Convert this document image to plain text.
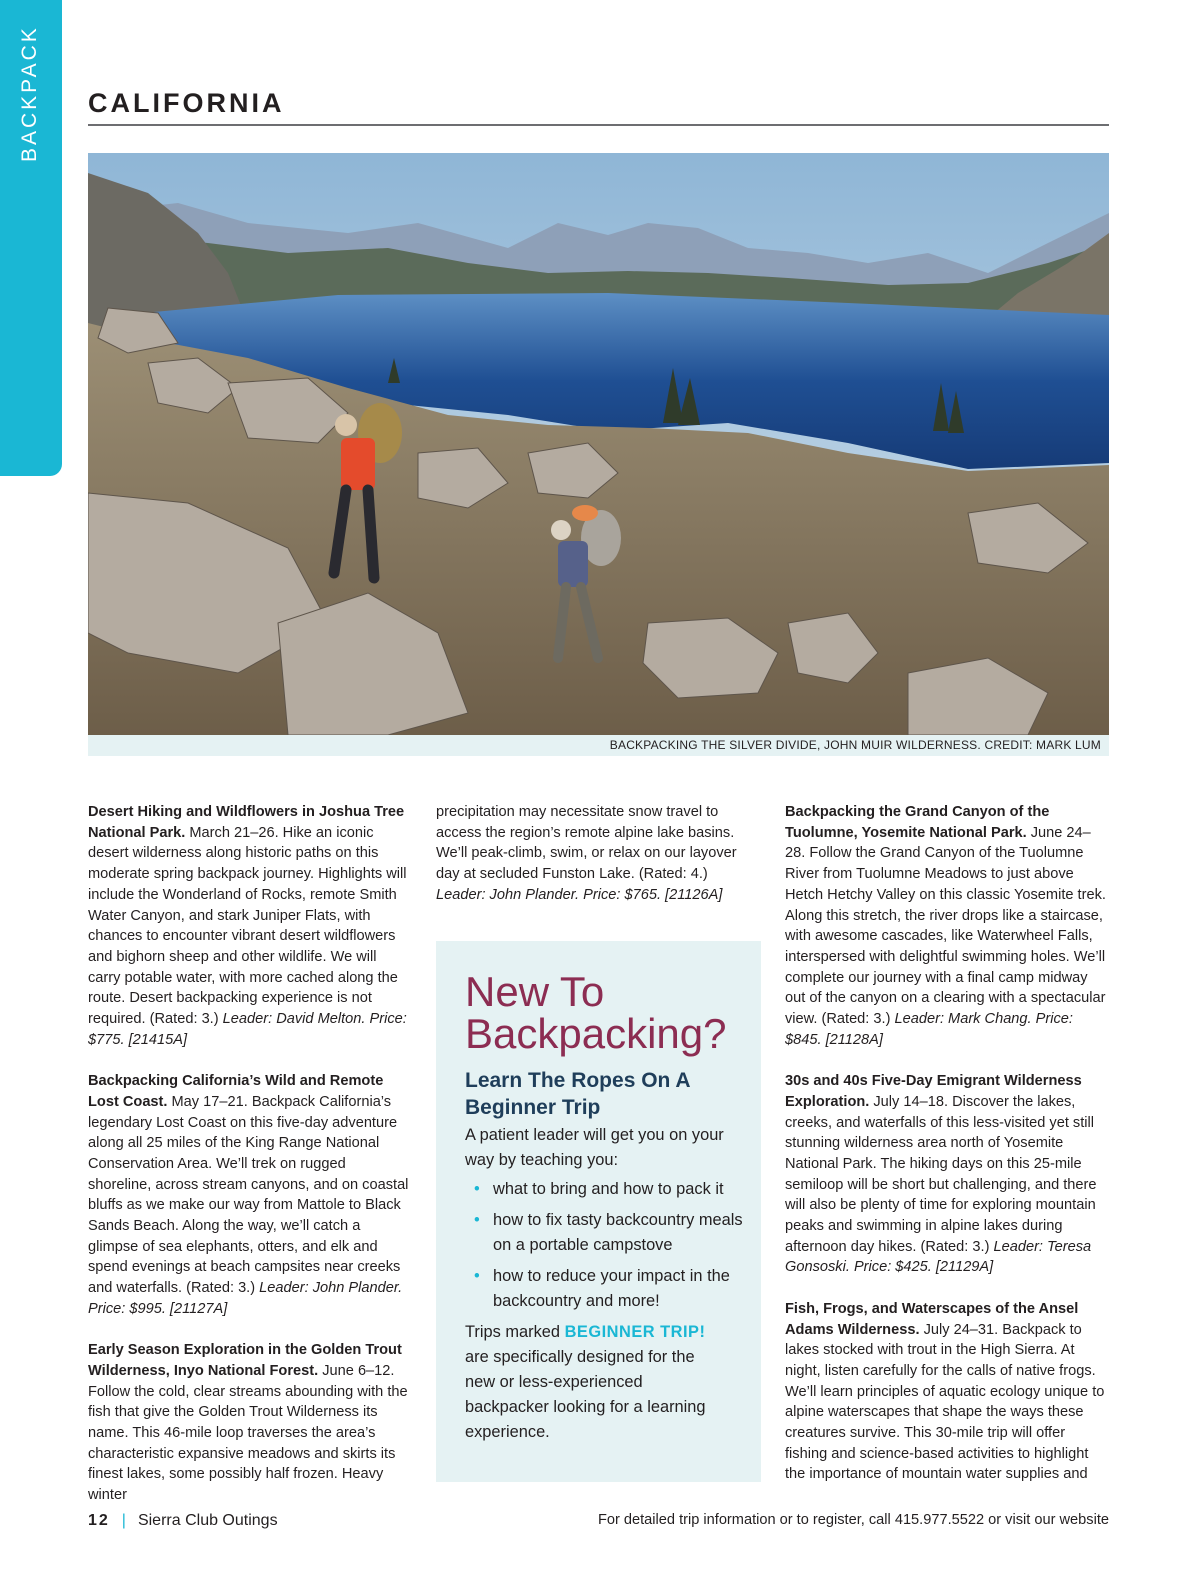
BACKPACK CALIFORNIA
BACKPACKING THE SILVER DIVIDE, JOHN MUIR WILDERNESS. CREDIT: MARK LUM

Desert Hiking and Wildflowers in Joshua Tree National Park. March 21–26. Hike an iconic desert wilderness along historic paths on this moderate spring backpack journey. Highlights will include the Wonderland of Rocks, remote Smith Water Canyon, and stark Juniper Flats, with chances to encounter vibrant desert wildflowers and bighorn sheep and other wildlife. We will carry potable water, with more cached along the route. Desert backpacking experience is not required. (Rated: 3.) Leader: David Melton. Price: $775. [21415A]

Backpacking California’s Wild and Remote Lost Coast. May 17–21. Backpack California’s legendary Lost Coast on this five-day adventure along all 25 miles of the King Range National Conservation Area. We’ll trek on rugged shoreline, across stream canyons, and on coastal bluffs as we make our way from Mattole to Black Sands Beach. Along the way, we’ll catch a glimpse of sea elephants, otters, and elk and spend evenings at beach campsites near creeks and waterfalls. (Rated: 3.) Leader: John Plander. Price: $995. [21127A]

Early Season Exploration in the Golden Trout Wilderness, Inyo National Forest. June 6–12. Follow the cold, clear streams abounding with the fish that give the Golden Trout Wilderness its name. This 46-mile loop traverses the area’s characteristic expansive meadows and skirts its finest lakes, some possibly half frozen. Heavy winter

precipitation may necessitate snow travel to access the region’s remote alpine lake basins. We’ll peak-climb, swim, or relax on our layover day at secluded Funston Lake. (Rated: 4.) Leader: John Plander. Price: $765. [21126A]

New To Backpacking?
Learn The Ropes On A Beginner Trip
A patient leader will get you on your way by teaching you:
• what to bring and how to pack it
• how to fix tasty backcountry meals on a portable campstove
• how to reduce your impact in the backcountry and more!
Trips marked BEGINNER TRIP! are specifically designed for the new or less-experienced backpacker looking for a learning experience.

Backpacking the Grand Canyon of the Tuolumne, Yosemite National Park. June 24–28. Follow the Grand Canyon of the Tuolumne River from Tuolumne Meadows to just above Hetch Hetchy Valley on this classic Yosemite trek. Along this stretch, the river drops like a staircase, with awesome cascades, like Waterwheel Falls, interspersed with delightful swimming holes. We’ll complete our journey with a final camp midway out of the canyon on a clearing with a spectacular view. (Rated: 3.) Leader: Mark Chang. Price: $845. [21128A]

30s and 40s Five-Day Emigrant Wilderness Exploration. July 14–18. Discover the lakes, creeks, and waterfalls of this less-visited yet still stunning wilderness area north of Yosemite National Park. The hiking days on this 25-mile semiloop will be short but challenging, and there will also be plenty of time for exploring mountain peaks and swimming in alpine lakes during afternoon day hikes. (Rated: 3.) Leader: Teresa Gonsoski. Price: $425. [21129A]

Fish, Frogs, and Waterscapes of the Ansel Adams Wilderness. July 24–31. Backpack to lakes stocked with trout in the High Sierra. At night, listen carefully for the calls of native frogs. We’ll learn principles of aquatic ecology unique to alpine waterscapes that shape the ways these creatures survive. This 30-mile trip will offer fishing and science-based activities to highlight the importance of mountain water supplies and

12 | Sierra Club Outings	For detailed trip information or to register, call 415.977.5522 or visit our website
